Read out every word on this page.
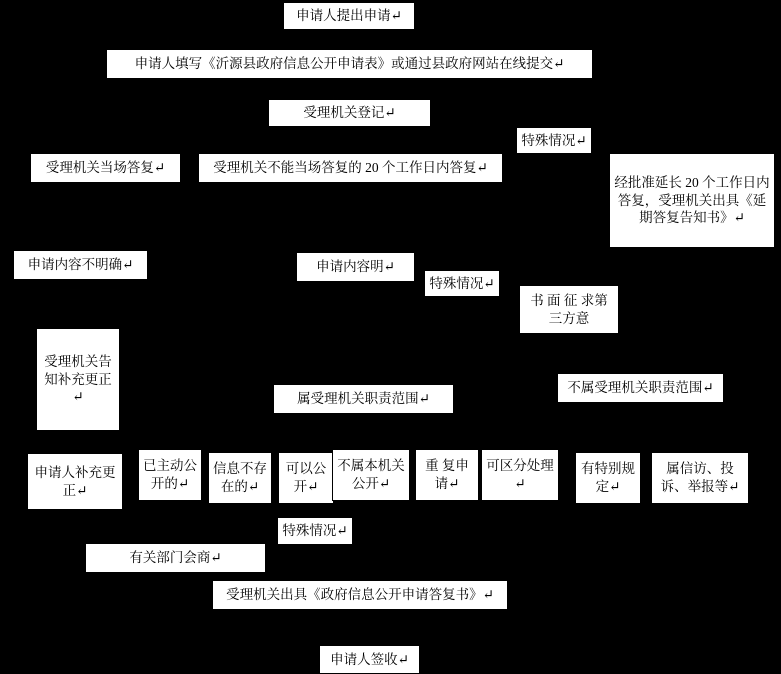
申请人提出申请↵
申请人填写《沂源县政府信息公开申请表》或通过县政府网站在线提交↵
受理机关登记↵
特殊情况↵
受理机关当场答复↵	受理机关不能当场答复的 20 个工作日内答复↵
经批准延长 20 个工作日内答复，受理机关出具《延期答复告知书》↵
申请内容不明确↵	申请内容明↵
特殊情况↵
书 面 征 求第三方意
受理机关告知补充更正↵	属受理机关职责范围↵
不属受理机关职责范围↵
申请人补充更正↵
已主动公开的↵
信息不存在的↵
可以公开↵
不属本机关公开↵
重 复申请↵
可区分处理↵
有特别规定↵
属信访、投诉、举报等↵
特殊情况↵
有关部门会商↵
受理机关出具《政府信息公开申请答复书》↵
申请人签收↵
